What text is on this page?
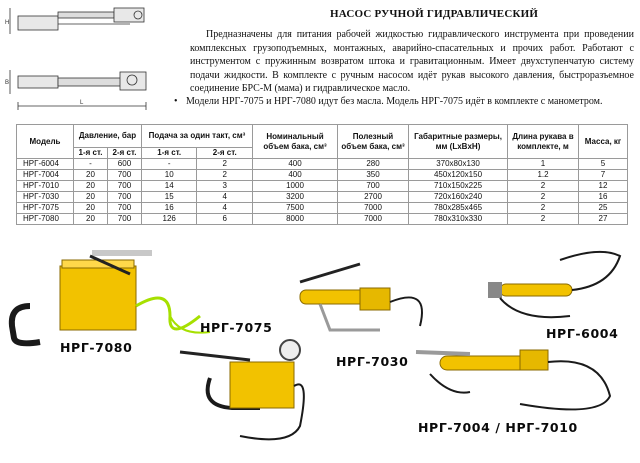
H
B
L
НАСОС РУЧНОЙ ГИДРАВЛИЧЕСКИЙ
Предназначены для питания рабочей жидкостью гидравлического инструмента при проведении комплексных грузоподъемных, монтажных, аварийно-спасательных и прочих работ. Работают с инструментом с пружинным возвратом штока и гравитационным. Имеет двухступенчатую систему подачи жидкости. В комплекте с ручным насосом идёт рукав высокого давления, быстроразъемное соединение БРС-М (мама) и гидравлическое масло.
• Модели НРГ-7075 и НРГ-7080 идут без масла. Модель НРГ-7075 идёт в комплекте с манометром.
Модель	Давление, бар		Подача за один такт, см³		Номинальный объем бака, см³	Полезный объем бака, см³	Габаритные размеры, мм (LхBхH)	Длина рукава в комплекте, м	Масса, кг
	1-я ст.	2-я ст.	1-я ст.	2-я ст.					
НРГ-6004	-	600	-	2	400	280	370х80х130	1	5
НРГ-7004	20	700	10	2	400	350	450х120х150	1.2	7
НРГ-7010	20	700	14	3	1000	700	710х150х225	2	12
НРГ-7030	20	700	15	4	3200	2700	720х160х240	2	16
НРГ-7075	20	700	16	4	7500	7000	780х285х465	2	25
НРГ-7080	20	700	126	6	8000	7000	780х310х330	2	27
НРГ-7080
НРГ-7075
НРГ-7030
НРГ-6004
НРГ-7004 / НРГ-7010
